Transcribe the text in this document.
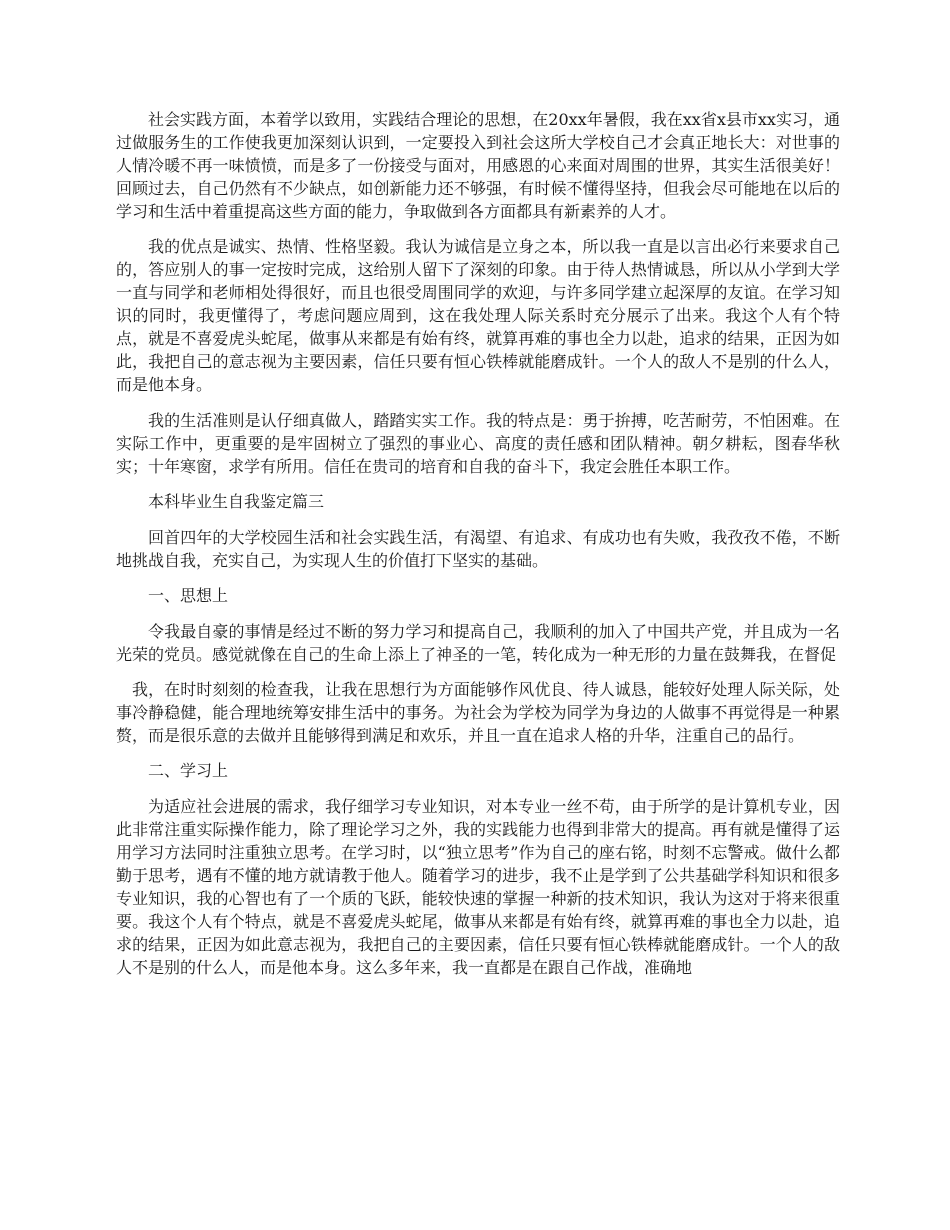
社会实践方面，本着学以致用，实践结合理论的思想，在20xx年暑假，我在xx省x县市xx实习，通过做服务生的工作使我更加深刻认识到，一定要投入到社会这所大学校自己才会真正地长大：对世事的人情冷暖不再一味愤愤，而是多了一份接受与面对，用感恩的心来面对周围的世界，其实生活很美好！回顾过去，自己仍然有不少缺点，如创新能力还不够强，有时候不懂得坚持，但我会尽可能地在以后的学习和生活中着重提高这些方面的能力，争取做到各方面都具有新素养的人才。

我的优点是诚实、热情、性格坚毅。我认为诚信是立身之本，所以我一直是以言出必行来要求自己的，答应别人的事一定按时完成，这给别人留下了深刻的印象。由于待人热情诚恳，所以从小学到大学一直与同学和老师相处得很好，而且也很受周围同学的欢迎，与许多同学建立起深厚的友谊。在学习知识的同时，我更懂得了，考虑问题应周到，这在我处理人际关系时充分展示了出来。我这个人有个特点，就是不喜爱虎头蛇尾，做事从来都是有始有终，就算再难的事也全力以赴，追求的结果，正因为如此，我把自己的意志视为主要因素，信任只要有恒心铁棒就能磨成针。一个人的敌人不是别的什么人，而是他本身。

我的生活准则是认仔细真做人，踏踏实实工作。我的特点是：勇于拚搏，吃苦耐劳，不怕困难。在实际工作中，更重要的是牢固树立了强烈的事业心、高度的责任感和团队精神。朝夕耕耘，图春华秋实；十年寒窗，求学有所用。信任在贵司的培育和自我的奋斗下，我定会胜任本职工作。

本科毕业生自我鉴定篇三

回首四年的大学校园生活和社会实践生活，有渴望、有追求、有成功也有失败，我孜孜不倦，不断地挑战自我，充实自己，为实现人生的价值打下坚实的基础。

一、思想上

令我最自豪的事情是经过不断的努力学习和提高自己，我顺利的加入了中国共产党，并且成为一名光荣的党员。感觉就像在自己的生命上添上了神圣的一笔，转化成为一种无形的力量在鼓舞我，在督促

我，在时时刻刻的检查我，让我在思想行为方面能够作风优良、待人诚恳，能较好处理人际关际，处事冷静稳健，能合理地统筹安排生活中的事务。为社会为学校为同学为身边的人做事不再觉得是一种累赘，而是很乐意的去做并且能够得到满足和欢乐，并且一直在追求人格的升华，注重自己的品行。

二、学习上

为适应社会进展的需求，我仔细学习专业知识，对本专业一丝不苟，由于所学的是计算机专业，因此非常注重实际操作能力，除了理论学习之外，我的实践能力也得到非常大的提高。再有就是懂得了运用学习方法同时注重独立思考。在学习时，以“独立思考”作为自己的座右铭，时刻不忘警戒。做什么都勤于思考，遇有不懂的地方就请教于他人。随着学习的进步，我不止是学到了公共基础学科知识和很多专业知识，我的心智也有了一个质的飞跃，能较快速的掌握一种新的技术知识，我认为这对于将来很重要。我这个人有个特点，就是不喜爱虎头蛇尾，做事从来都是有始有终，就算再难的事也全力以赴，追求的结果，正因为如此意志视为，我把自己的主要因素，信任只要有恒心铁棒就能磨成针。一个人的敌人不是别的什么人，而是他本身。这么多年来，我一直都是在跟自己作战，准确地
